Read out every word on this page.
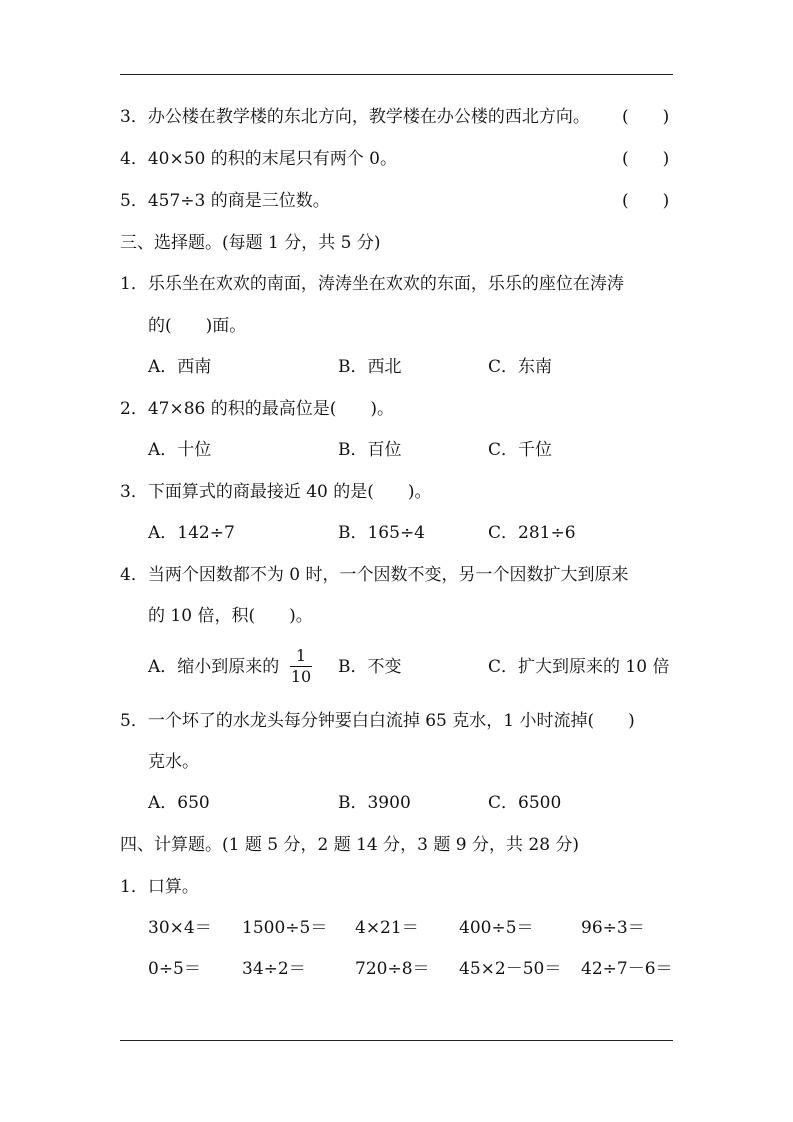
3．办公楼在教学楼的东北方向，教学楼在办公楼的西北方向。 (　　)
4．40×50 的积的末尾只有两个 0。	(　　)
5．457÷3 的商是三位数。	(　　)
三、选择题。(每题 1 分，共 5 分)
1．乐乐坐在欢欢的南面，涛涛坐在欢欢的东面，乐乐的座位在涛涛
的(　　)面。
A．西南	B．西北	C．东南
2．47×86 的积的最高位是(　　)。
A．十位	B．百位	C．千位
3．下面算式的商最接近 40 的是(　　)。
A．142÷7	B．165÷4	C．281÷6
4．当两个因数都不为 0 时，一个因数不变，另一个因数扩大到原来
的 10 倍，积(　　)。
A．缩小到原来的 $\frac{1}{10}$ B．不变	C．扩大到原来的 10 倍
5．一个坏了的水龙头每分钟要白白流掉 65 克水，1 小时流掉(　　)
克水。
A．650	B．3900	C．6500
四、计算题。(1 题 5 分，2 题 14 分，3 题 9 分，共 28 分)
1．口算。
30×4＝ 1500÷5＝ 4×21＝ 400÷5＝	96÷3＝
0÷5＝ 34÷2＝	720÷8＝ 45×2－50＝ 42÷7－6＝
